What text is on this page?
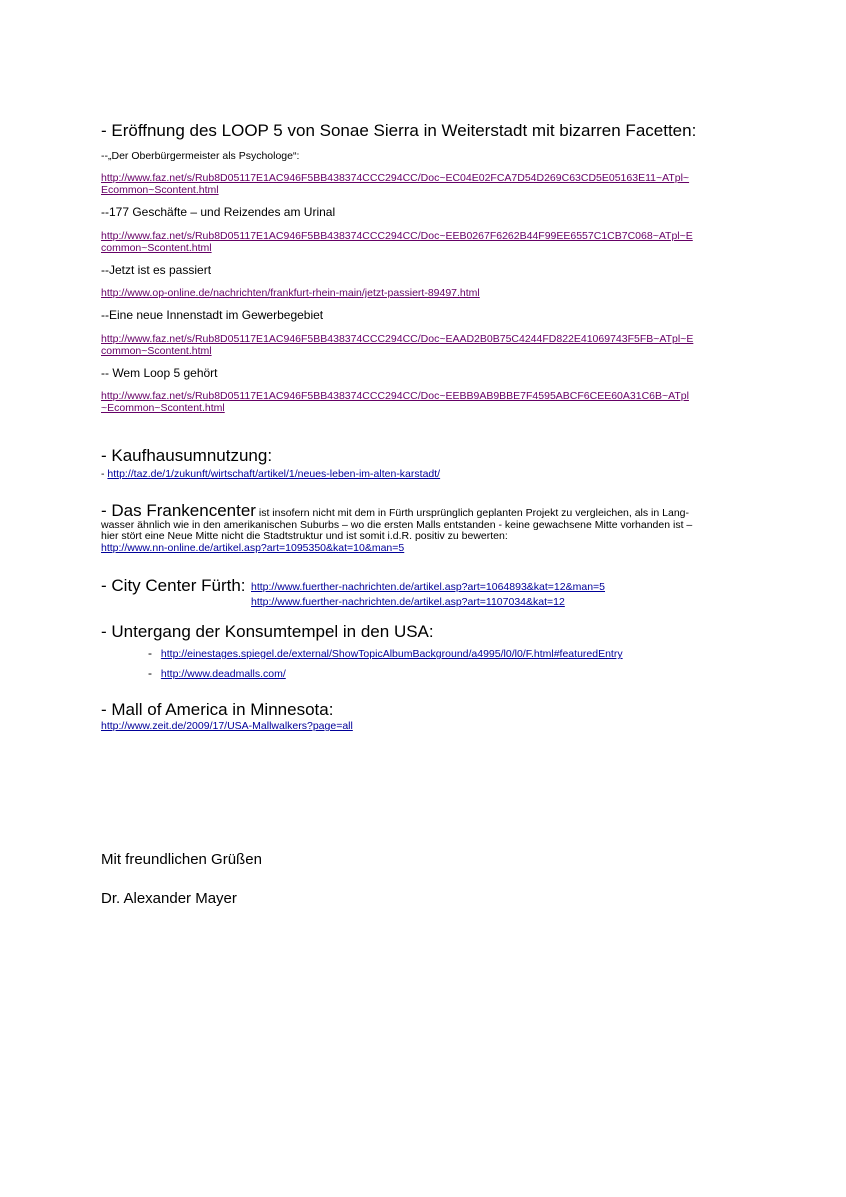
- Eröffnung des LOOP 5 von Sonae Sierra in Weiterstadt mit bizarren Facetten:
--„Der Oberbürgermeister als Psychologe“:
http://www.faz.net/s/Rub8D05117E1AC946F5BB438374CCC294CC/Doc~EC04E02FCA7D54D269C63CD5E05163E11~ATpl~
Ecommon~Scontent.html
--177 Geschäfte – und Reizendes am Urinal
http://www.faz.net/s/Rub8D05117E1AC946F5BB438374CCC294CC/Doc~EEB0267F6262B44F99EE6557C1CB7C068~ATpl~E
common~Scontent.html
--Jetzt ist es passiert
http://www.op-online.de/nachrichten/frankfurt-rhein-main/jetzt-passiert-89497.html
--Eine neue Innenstadt im Gewerbegebiet
http://www.faz.net/s/Rub8D05117E1AC946F5BB438374CCC294CC/Doc~EAAD2B0B75C4244FD822E41069743F5FB~ATpl~E
common~Scontent.html
-- Wem Loop 5 gehört
http://www.faz.net/s/Rub8D05117E1AC946F5BB438374CCC294CC/Doc~EEBB9AB9BBE7F4595ABCF6CEE60A31C6B~ATpl
~Ecommon~Scontent.html
- Kaufhausumnutzung:
- http://taz.de/1/zukunft/wirtschaft/artikel/1/neues-leben-im-alten-karstadt/
- Das Frankencenter ist insofern nicht mit dem in Fürth ursprünglich geplanten Projekt zu vergleichen, als in Lang-
wasser ähnlich wie in den amerikanischen Suburbs – wo die ersten Malls entstanden - keine gewachsene Mitte vorhanden ist –
hier stört eine Neue Mitte nicht die Stadtstruktur und ist somit i.d.R. positiv zu bewerten:
http://www.nn-online.de/artikel.asp?art=1095350&kat=10&man=5
- City Center Fürth: http://www.fuerther-nachrichten.de/artikel.asp?art=1064893&kat=12&man=5
http://www.fuerther-nachrichten.de/artikel.asp?art=1107034&kat=12
- Untergang der Konsumtempel in den USA:
- http://einestages.spiegel.de/external/ShowTopicAlbumBackground/a4995/l0/l0/F.html#featuredEntry
- http://www.deadmalls.com/
- Mall of America in Minnesota:
http://www.zeit.de/2009/17/USA-Mallwalkers?page=all
Mit freundlichen Grüßen
Dr. Alexander Mayer
